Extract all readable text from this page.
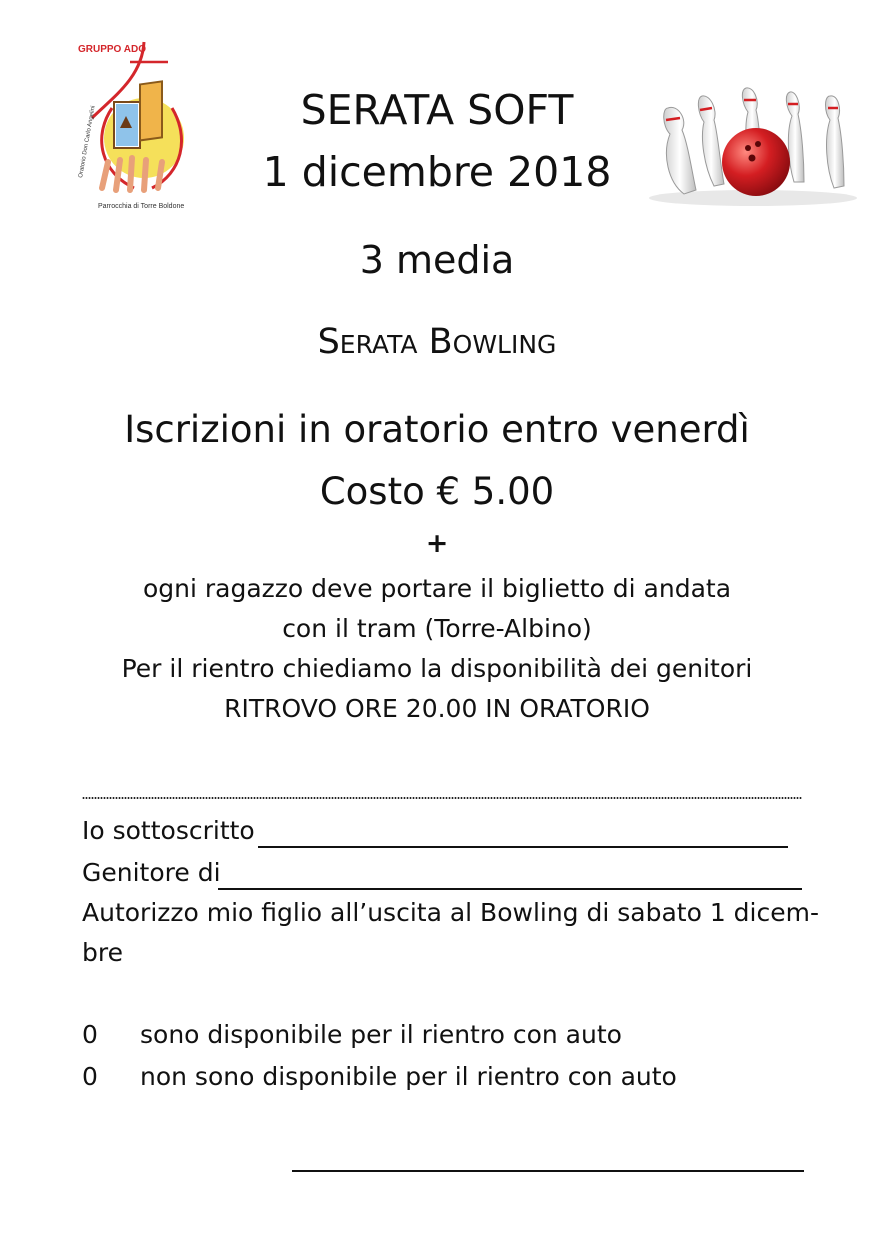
GRUPPO ADO
Parrocchia di Torre Boldone
Oratorio Don Carlo Angelini	SERATA SOFT
1 dicembre 2018
3 media
Serata Bowling
Iscrizioni in oratorio entro venerdì
Costo € 5.00
+
ogni ragazzo deve portare il biglietto di andata
con il tram (Torre-Albino)
Per il rientro chiediamo la disponibilità dei genitori
RITROVO ORE 20.00 IN ORATORIO
Io sottoscritto
Genitore di
Autorizzo mio figlio all’uscita al Bowling di sabato 1 dicem-
bre
0 sono disponibile per il rientro con auto
0 non sono disponibile per il rientro con auto
